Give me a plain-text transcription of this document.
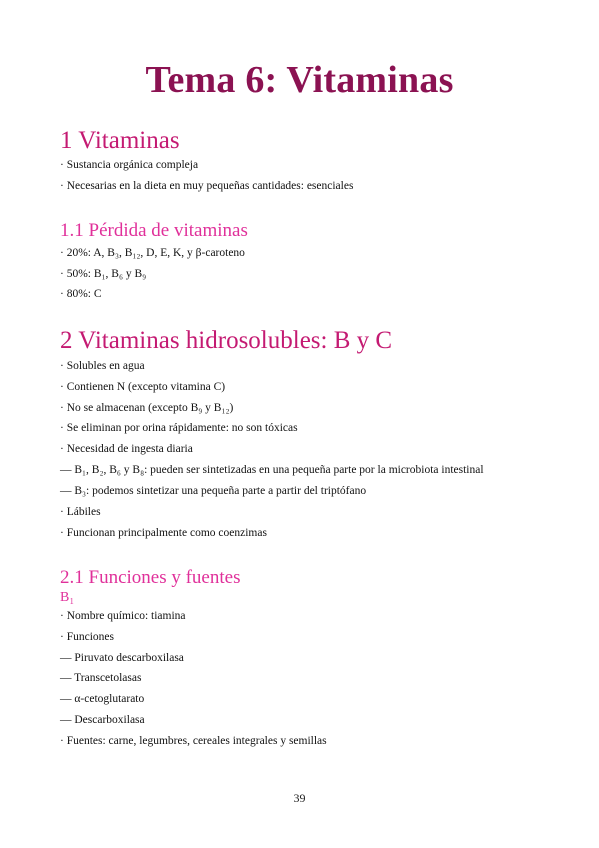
Tema 6: Vitaminas
1 Vitaminas
· Sustancia orgánica compleja
· Necesarias en la dieta en muy pequeñas cantidades: esenciales
1.1 Pérdida de vitaminas
· 20%: A, B₃, B₁₂, D, E, K, y β-caroteno
· 50%: B₁, B₆ y B₉
· 80%: C
2 Vitaminas hidrosolubles: B y C
· Solubles en agua
· Contienen N (excepto vitamina C)
· No se almacenan (excepto B₉ y B₁₂)
· Se eliminan por orina rápidamente: no son tóxicas
· Necesidad de ingesta diaria
— B₁, B₂, B₆ y B₈: pueden ser sintetizadas en una pequeña parte por la microbiota intestinal
— B₃: podemos sintetizar una pequeña parte a partir del triptófano
· Lábiles
· Funcionan principalmente como coenzimas
2.1 Funciones y fuentes
B₁
· Nombre químico: tiamina
· Funciones
— Piruvato descarboxilasa
— Transcetolasas
— α-cetoglutarato
— Descarboxilasa
· Fuentes: carne, legumbres, cereales integrales y semillas
39
